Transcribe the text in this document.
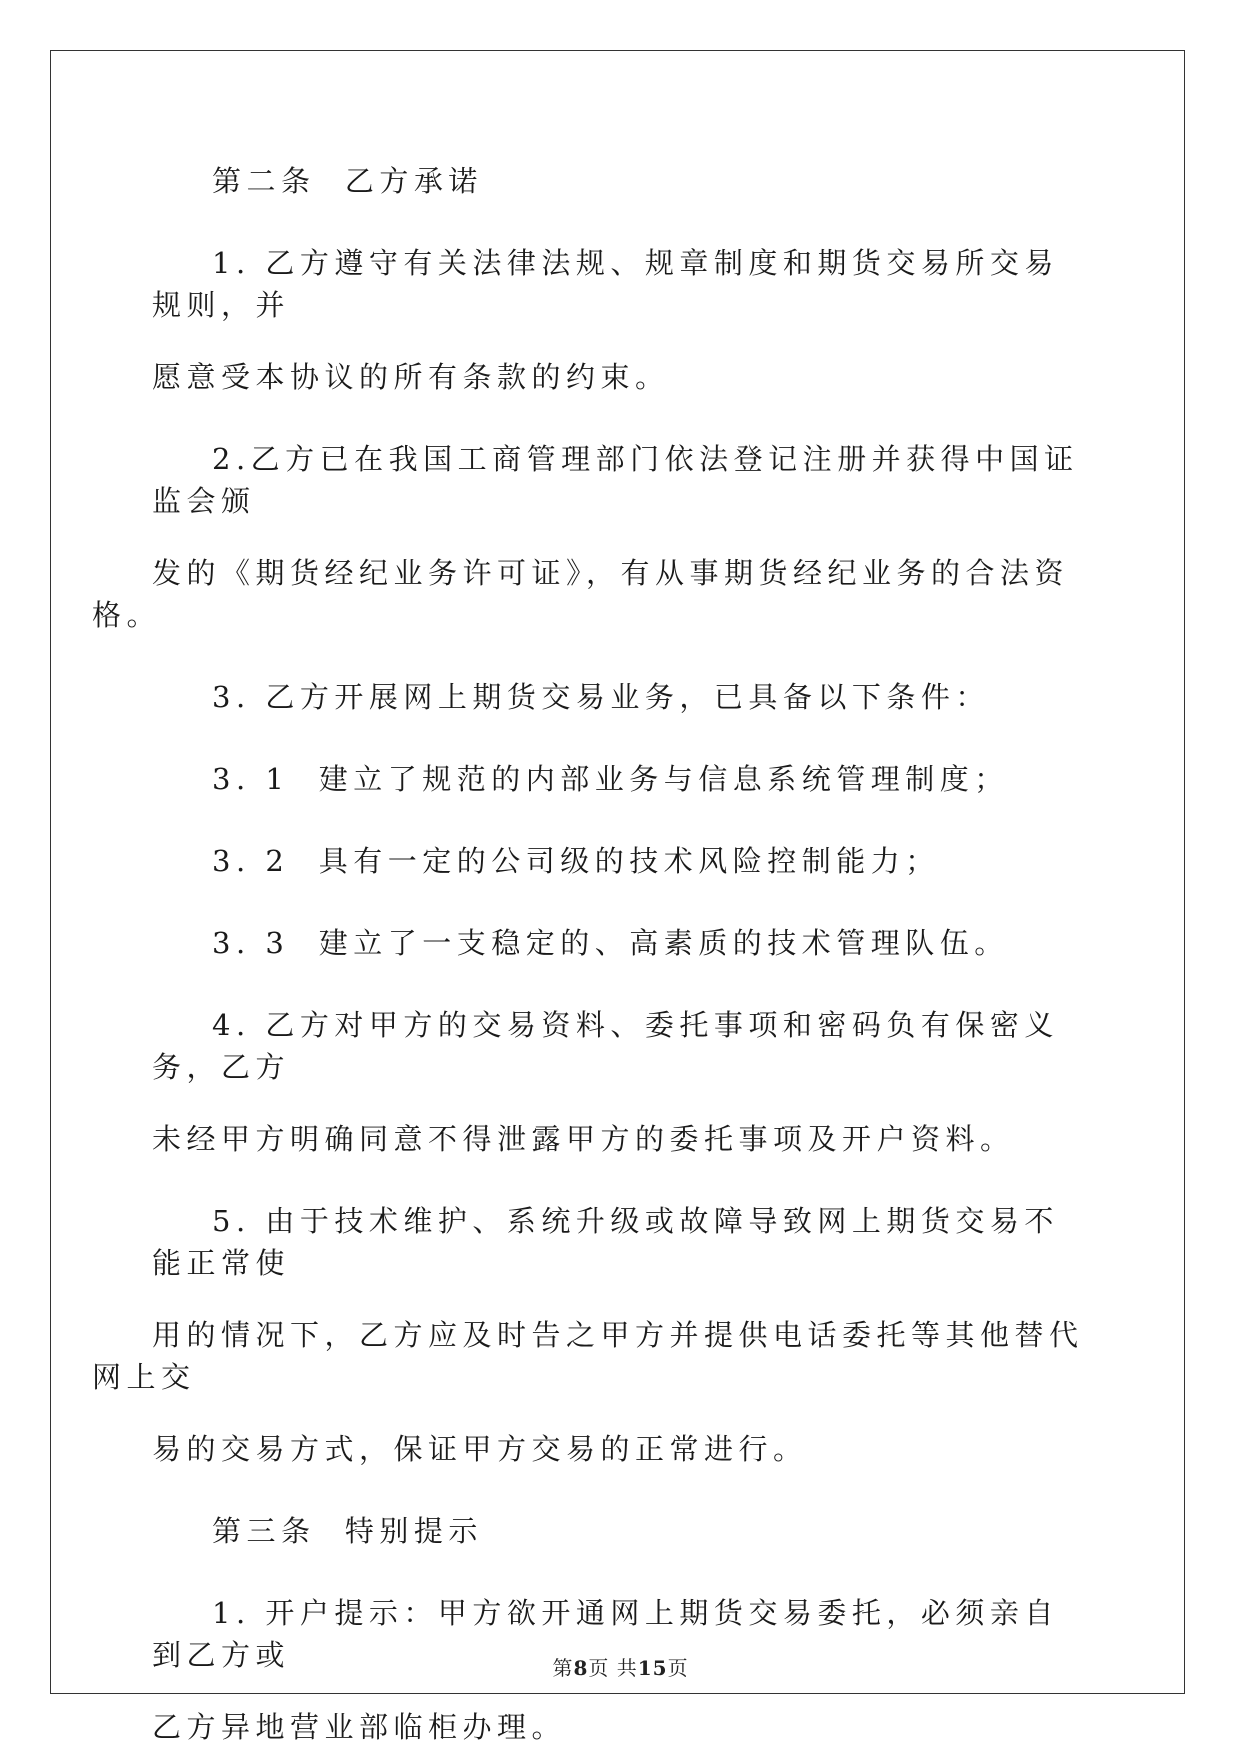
第二条  乙方承诺

1. 乙方遵守有关法律法规、规章制度和期货交易所交易规则，并
愿意受本协议的所有条款的约束。

2.乙方已在我国工商管理部门依法登记注册并获得中国证监会颁
发的《期货经纪业务许可证》，有从事期货经纪业务的合法资格。

3. 乙方开展网上期货交易业务，已具备以下条件：

3. 1  建立了规范的内部业务与信息系统管理制度；

3. 2  具有一定的公司级的技术风险控制能力；

3. 3  建立了一支稳定的、高素质的技术管理队伍。

4. 乙方对甲方的交易资料、委托事项和密码负有保密义务，乙方
未经甲方明确同意不得泄露甲方的委托事项及开户资料。

5. 由于技术维护、系统升级或故障导致网上期货交易不能正常使
用的情况下，乙方应及时告之甲方并提供电话委托等其他替代网上交
易的交易方式，保证甲方交易的正常进行。

第三条  特别提示

1. 开户提示：甲方欲开通网上期货交易委托，必须亲自到乙方或
乙方异地营业部临柜办理。

第8页 共15页
